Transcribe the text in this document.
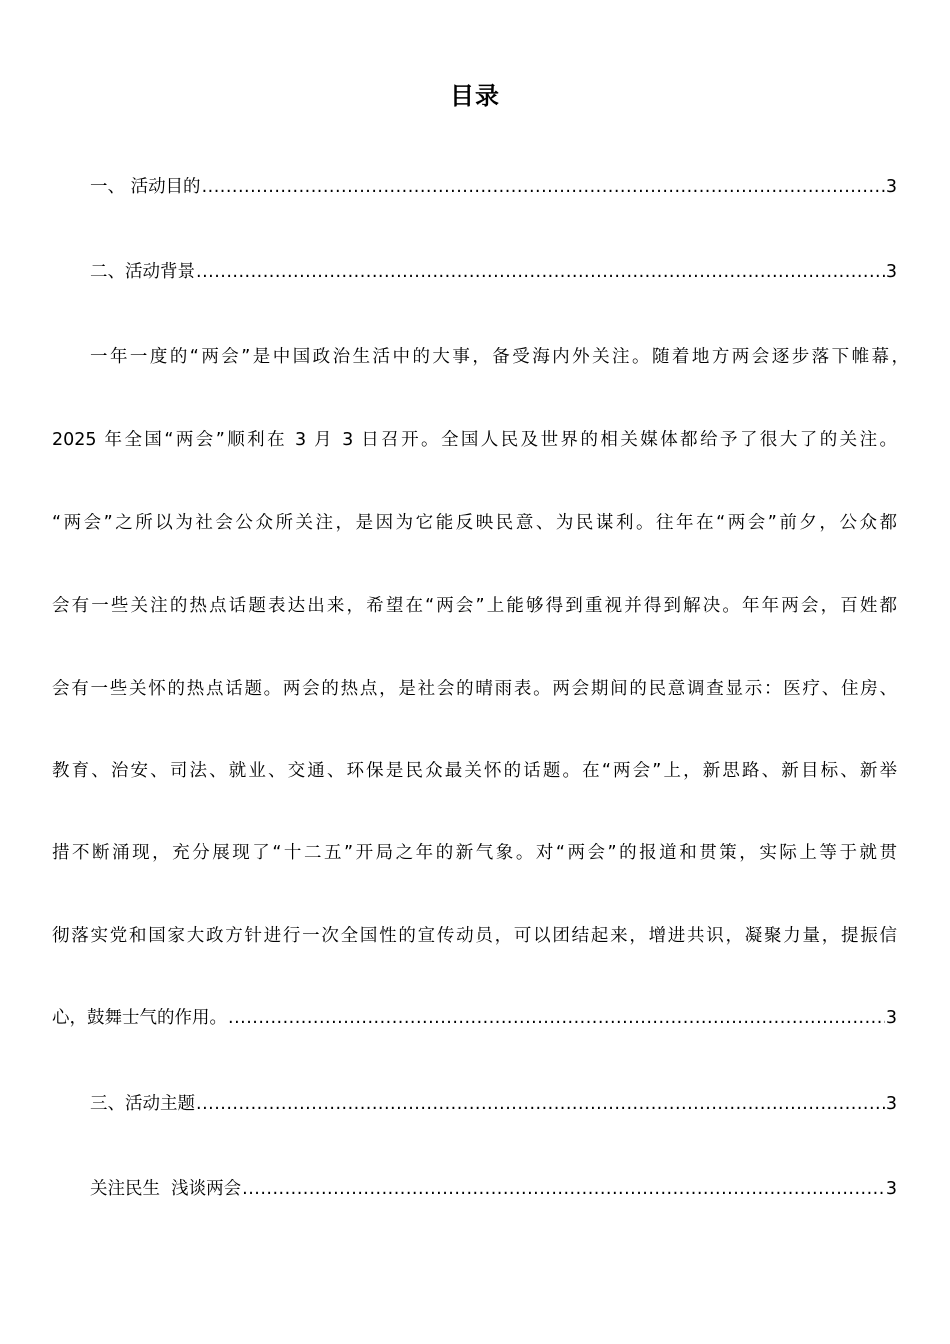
目录
一、 活动目的 .....	3
二、活动背景 .....	3
一年一度的“两会”是中国政治生活中的大事，备受海内外关注。随着地方两会逐步落下帷幕，
2025 年全国“两会”顺利在 3 月 3 日召开。全国人民及世界的相关媒体都给予了很大了的关注。
“两会”之所以为社会公众所关注，是因为它能反映民意、为民谋利。往年在“两会”前夕，公众都
会有一些关注的热点话题表达出来，希望在“两会”上能够得到重视并得到解决。年年两会，百姓都
会有一些关怀的热点话题。两会的热点，是社会的晴雨表。两会期间的民意调查显示：医疗、住房、
教育、治安、司法、就业、交通、环保是民众最关怀的话题。在“两会”上，新思路、新目标、新举
措不断涌现，充分展现了“十二五”开局之年的新气象。对“两会”的报道和贯策，实际上等于就贯
彻落实党和国家大政方针进行一次全国性的宣传动员，可以团结起来，增进共识，凝聚力量，提振信
心，鼓舞士气的作用。 .....	3
三、活动主题 .....	3
关注民生  浅谈两会 .....	3
